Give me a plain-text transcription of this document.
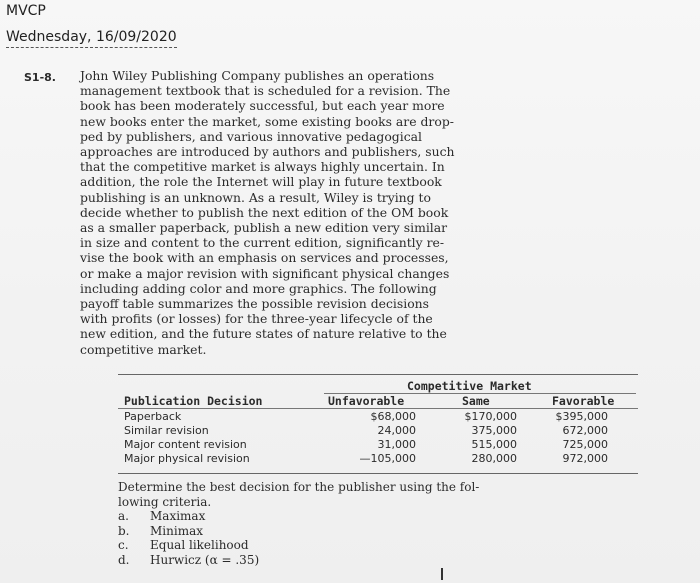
MVCP

Wednesday, 16/09/2020

S1-8. John Wiley Publishing Company publishes an operations
management textbook that is scheduled for a revision. The
book has been moderately successful, but each year more
new books enter the market, some existing books are drop-
ped by publishers, and various innovative pedagogical
approaches are introduced by authors and publishers, such
that the competitive market is always highly uncertain. In
addition, the role the Internet will play in future textbook
publishing is an unknown. As a result, Wiley is trying to
decide whether to publish the next edition of the OM book
as a smaller paperback, publish a new edition very similar
in size and content to the current edition, significantly re-
vise the book with an emphasis on services and processes,
or make a major revision with significant physical changes
including adding color and more graphics. The following
payoff table summarizes the possible revision decisions
with profits (or losses) for the three-year lifecycle of the
new edition, and the future states of nature relative to the
competitive market.
Competitive Market
Publication Decision	Unfavorable	Same	Favorable
Paperback	$68,000	$170,000	$395,000
Similar revision	24,000	375,000	672,000
Major content revision	31,000	515,000	725,000
Major physical revision	—105,000	280,000	972,000

Determine the best decision for the publisher using the fol-
lowing criteria.

a. Maximax
b. Minimax
c. Equal likelihood
d. Hurwicz (α = .35)
